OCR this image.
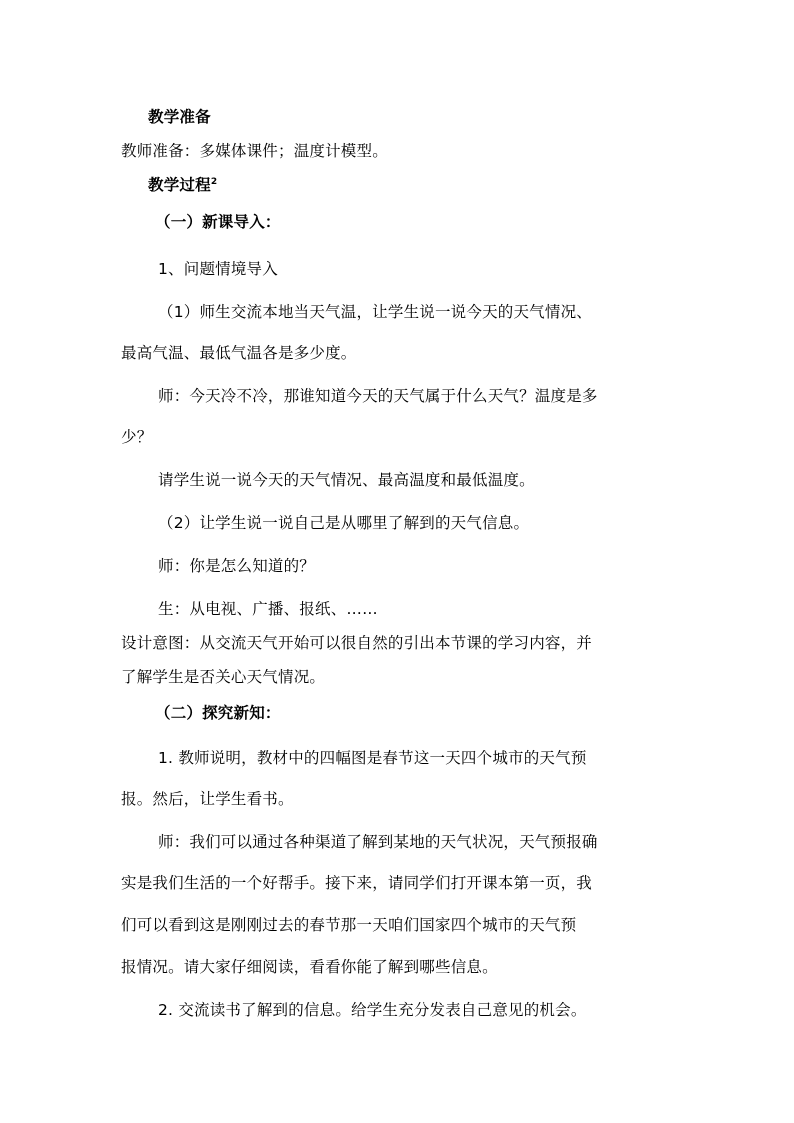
教学准备
教师准备：多媒体课件；温度计模型。
教学过程$^2$
（一）新课导入：
1、问题情境导入
（1）师生交流本地当天气温，让学生说一说今天的天气情况、
最高气温、最低气温各是多少度。
师：今天冷不冷，那谁知道今天的天气属于什么天气？温度是多
少？
请学生说一说今天的天气情况、最高温度和最低温度。
（2）让学生说一说自己是从哪里了解到的天气信息。
师：你是怎么知道的？
生：从电视、广播、报纸、……
设计意图：从交流天气开始可以很自然的引出本节课的学习内容，并
了解学生是否关心天气情况。
（二）探究新知：
1. 教师说明，教材中的四幅图是春节这一天四个城市的天气预
报。然后，让学生看书。
师：我们可以通过各种渠道了解到某地的天气状况，天气预报确
实是我们生活的一个好帮手。接下来，请同学们打开课本第一页，我
们可以看到这是刚刚过去的春节那一天咱们国家四个城市的天气预
报情况。请大家仔细阅读，看看你能了解到哪些信息。
2. 交流读书了解到的信息。给学生充分发表自己意见的机会。
